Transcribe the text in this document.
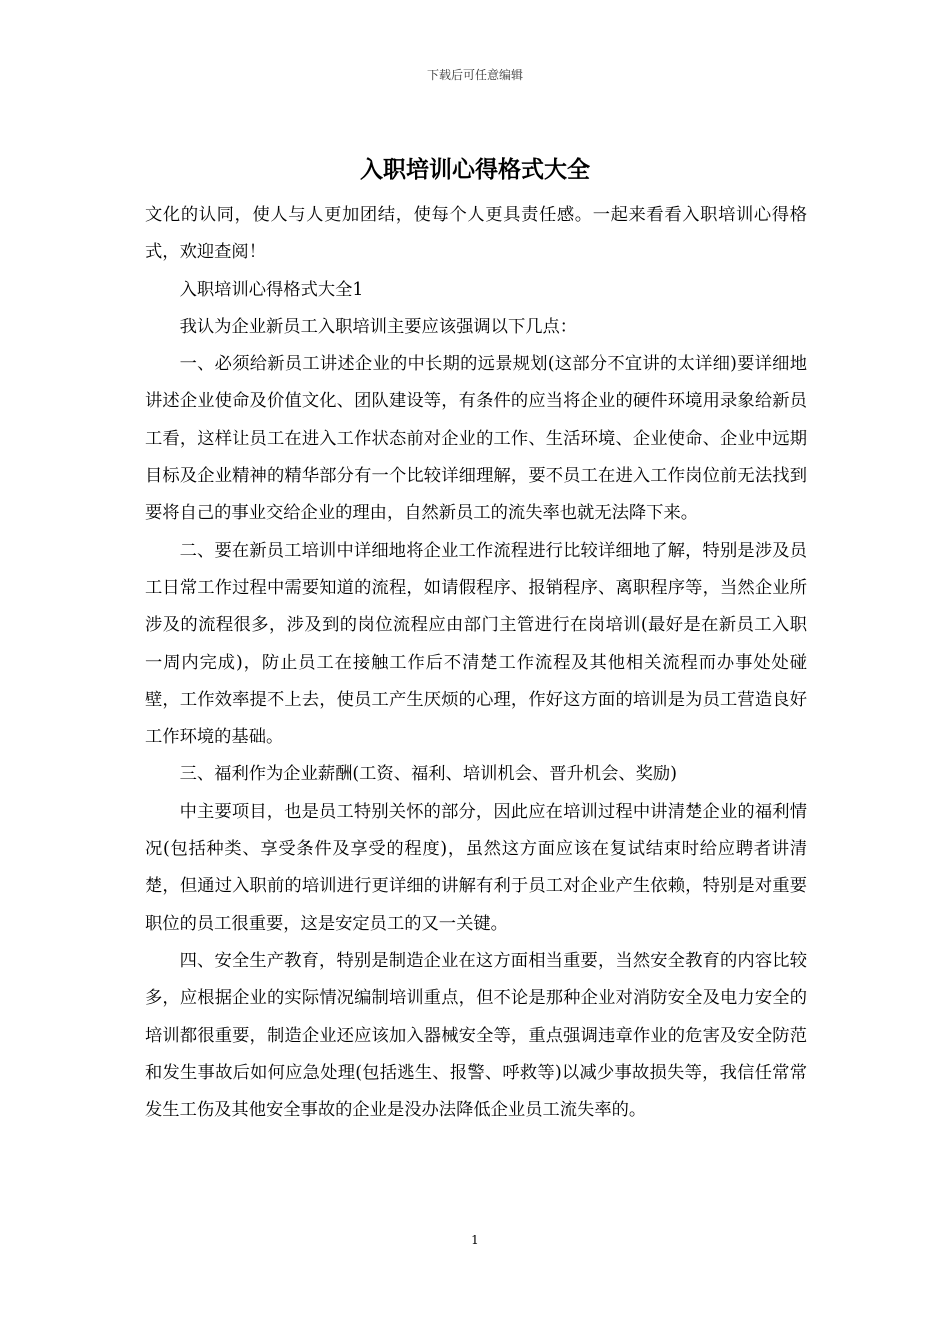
下载后可任意编辑
入职培训心得格式大全

文化的认同，使人与人更加团结，使每个人更具责任感。一起来看看入职培训心得格式，欢迎查阅！

入职培训心得格式大全1

我认为企业新员工入职培训主要应该强调以下几点：

一、必须给新员工讲述企业的中长期的远景规划(这部分不宜讲的太详细)要详细地讲述企业使命及价值文化、团队建设等，有条件的应当将企业的硬件环境用录象给新员工看，这样让员工在进入工作状态前对企业的工作、生活环境、企业使命、企业中远期目标及企业精神的精华部分有一个比较详细理解，要不员工在进入工作岗位前无法找到要将自己的事业交给企业的理由，自然新员工的流失率也就无法降下来。

二、要在新员工培训中详细地将企业工作流程进行比较详细地了解，特别是涉及员工日常工作过程中需要知道的流程，如请假程序、报销程序、离职程序等，当然企业所涉及的流程很多，涉及到的岗位流程应由部门主管进行在岗培训(最好是在新员工入职一周内完成)，防止员工在接触工作后不清楚工作流程及其他相关流程而办事处处碰壁，工作效率提不上去，使员工产生厌烦的心理，作好这方面的培训是为员工营造良好工作环境的基础。

三、福利作为企业薪酬(工资、福利、培训机会、晋升机会、奖励)

中主要项目，也是员工特别关怀的部分，因此应在培训过程中讲清楚企业的福利情况(包括种类、享受条件及享受的程度)，虽然这方面应该在复试结束时给应聘者讲清楚，但通过入职前的培训进行更详细的讲解有利于员工对企业产生依赖，特别是对重要职位的员工很重要，这是安定员工的又一关键。

四、安全生产教育，特别是制造企业在这方面相当重要，当然安全教育的内容比较多，应根据企业的实际情况编制培训重点，但不论是那种企业对消防安全及电力安全的培训都很重要，制造企业还应该加入器械安全等，重点强调违章作业的危害及安全防范和发生事故后如何应急处理(包括逃生、报警、呼救等)以减少事故损失等，我信任常常发生工伤及其他安全事故的企业是没办法降低企业员工流失率的。

1
